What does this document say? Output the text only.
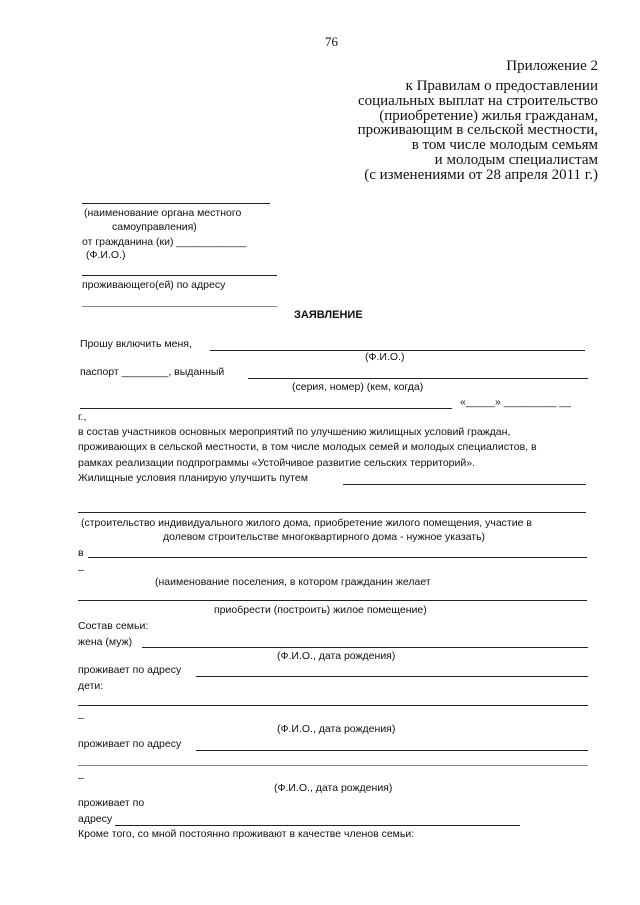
76
Приложение 2
к Правилам о предоставлении
социальных выплат на строительство
(приобретение) жилья гражданам,
проживающим в сельской местности,
в том числе молодым семьям
и молодым специалистам
(с изменениями от 28 апреля 2011 г.)
(наименование органа местного
самоуправления)
от гражданина (ки) ____________
(Ф.И.О.)
проживающего(ей) по адресу
ЗАЯВЛЕНИЕ
Прошу включить меня,
(Ф.И.О.)
паспорт ________, выданный
(серия, номер) (кем, когда)
«_____» _________ __
г.,
в состав участников основных мероприятий по улучшению жилищных условий граждан,
проживающих в сельской местности, в том числе молодых семей и молодых специалистов, в
рамках реализации подпрограммы «Устойчивое развитие сельских территорий».
Жилищные условия планирую улучшить путем
(строительство индивидуального жилого дома, приобретение жилого помещения, участие в
долевом строительстве многоквартирного дома - нужное указать)
в
–
(наименование поселения, в котором гражданин желает
приобрести (построить) жилое помещение)
Состав семьи:
жена (муж)
(Ф.И.О., дата рождения)
проживает по адресу
дети:
–
(Ф.И.О., дата рождения)
проживает по адресу
–
(Ф.И.О., дата рождения)
проживает по
адресу
Кроме того, со мной постоянно проживают в качестве членов семьи:
